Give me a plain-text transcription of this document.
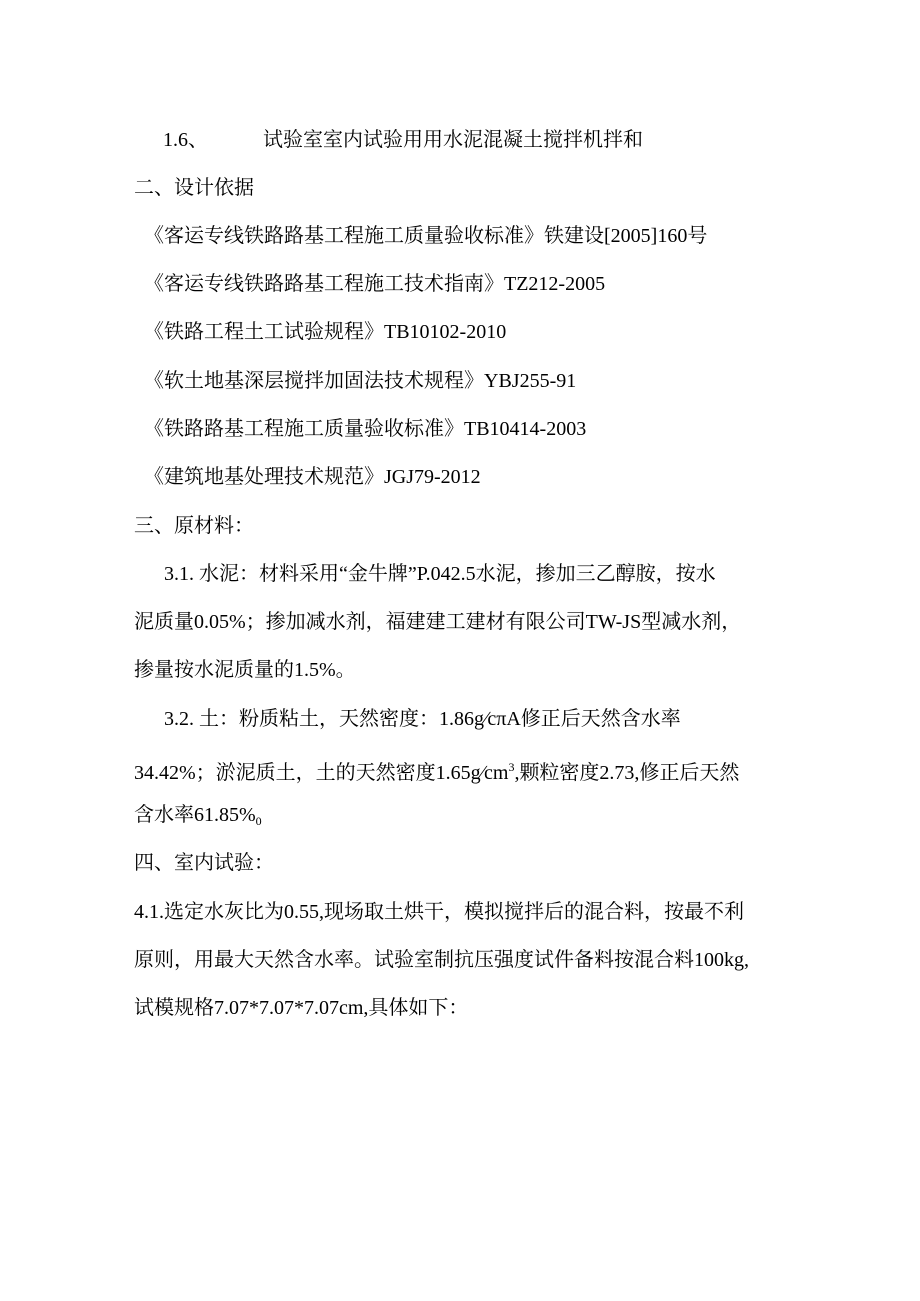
1.6、	试验室室内试验用用水泥混凝土搅拌机拌和
二、设计依据
《客运专线铁路路基工程施工质量验收标准》铁建设[2005]160号
《客运专线铁路路基工程施工技术指南》TZ212-2005
《铁路工程土工试验规程》TB10102-2010
《软土地基深层搅拌加固法技术规程》YBJ255-91
《铁路路基工程施工质量验收标准》TB10414-2003
《建筑地基处理技术规范》JGJ79-2012
三、原材料：
3.1. 水泥：材料采用“金牛牌”P.042.5水泥，掺加三乙醇胺，按水
泥质量0.05%；掺加减水剂，福建建工建材有限公司TW-JS型减水剂，
掺量按水泥质量的1.5%。
3.2. 土：粉质粘土，天然密度：1.86g∕cπA修正后天然含水率
34.42%；淤泥质土，土的天然密度$1.65g∕cm^3$,颗粒密度2.73,修正后天然
含水率$61.85\%_0$
四、室内试验：
4.1.选定水灰比为0.55,现场取土烘干，模拟搅拌后的混合料，按最不利
原则，用最大天然含水率。试验室制抗压强度试件备料按混合料100kg,
试模规格7.07*7.07*7.07cm,具体如下：
